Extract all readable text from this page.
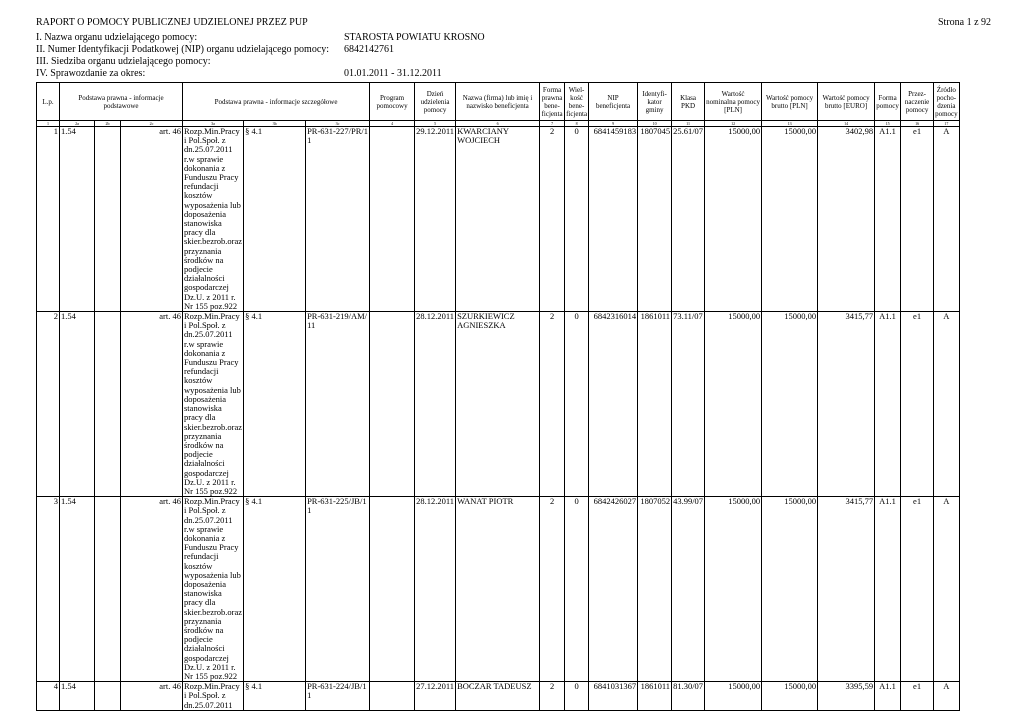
RAPORT O POMOCY PUBLICZNEJ UDZIELONEJ PRZEZ PUP	Strona 1 z 92
I. Nazwa organu udzielającego pomocy:	STAROSTA POWIATU KROSNO
II. Numer Identyfikacji Podatkowej (NIP) organu udzielającego pomocy: 6842142761
III. Siedziba organu udzielającego pomocy:
IV. Sprawozdanie za okres:	01.01.2011 - 31.12.2011
L.p.	Podstawa prawna - informacje podstawowe			Podstawa prawna - informacje szczegółowe			Program pomocowy	Dzień udzielenia pomocy	Nazwa (firma) lub imię i nazwisko beneficjenta	Forma prawna bene-ficjenta	Wiel-kość bene-ficjenta	NIP beneficjenta	Identyfi-kator gminy	Klasa PKD	Wartość nominalna pomocy [PLN]	Wartość pomocy brutto [PLN]	Wartość pomocy brutto [EURO]	Forma pomocy	Przez-naczenie pomocy	Źródło pocho-dzenia pomocy
1	2a	2b	2c	3a	3b	3c	4	5	6	7	8	9	10	11	12	13	14	15	16	17
1	1.54		art. 46	Rozp.Min.Pracy i Pol.Społ. z dn.25.07.2011 r.w sprawie dokonania z Funduszu Pracy refundacji kosztów wyposażenia lub doposażenia stanowiska pracy dla skier.bezrob.oraz przyznania środków na podjecie działalności gospodarczej Dz.U. z 2011 r. Nr 155 poz.922	§ 4.1	PR-631-227/PR/11		29.12.2011	KWARCIANY WOJCIECH	2	0	6841459183	1807045	25.61/07	15000,00	15000,00	3402,98	A1.1	e1	A
2	1.54		art. 46	Rozp.Min.Pracy i Pol.Społ. z dn.25.07.2011 r.w sprawie dokonania z Funduszu Pracy refundacji kosztów wyposażenia lub doposażenia stanowiska pracy dla skier.bezrob.oraz przyznania środków na podjecie działalności gospodarczej Dz.U. z 2011 r. Nr 155 poz.922	§ 4.1	PR-631-219/AM/11		28.12.2011	SZURKIEWICZ AGNIESZKA	2	0	6842316014	1861011	73.11/07	15000,00	15000,00	3415,77	A1.1	e1	A
3	1.54		art. 46	Rozp.Min.Pracy i Pol.Społ. z dn.25.07.2011 r.w sprawie dokonania z Funduszu Pracy refundacji kosztów wyposażenia lub doposażenia stanowiska pracy dla skier.bezrob.oraz przyznania środków na podjecie działalności gospodarczej Dz.U. z 2011 r. Nr 155 poz.922	§ 4.1	PR-631-225/JB/11		28.12.2011	WANAT PIOTR	2	0	6842426027	1807052	43.99/07	15000,00	15000,00	3415,77	A1.1	e1	A
4	1.54		art. 46	Rozp.Min.Pracy i Pol.Społ. z dn.25.07.2011	§ 4.1	PR-631-224/JB/11		27.12.2011	BOCZAR TADEUSZ	2	0	6841031367	1861011	81.30/07	15000,00	15000,00	3395,59	A1.1	e1	A
